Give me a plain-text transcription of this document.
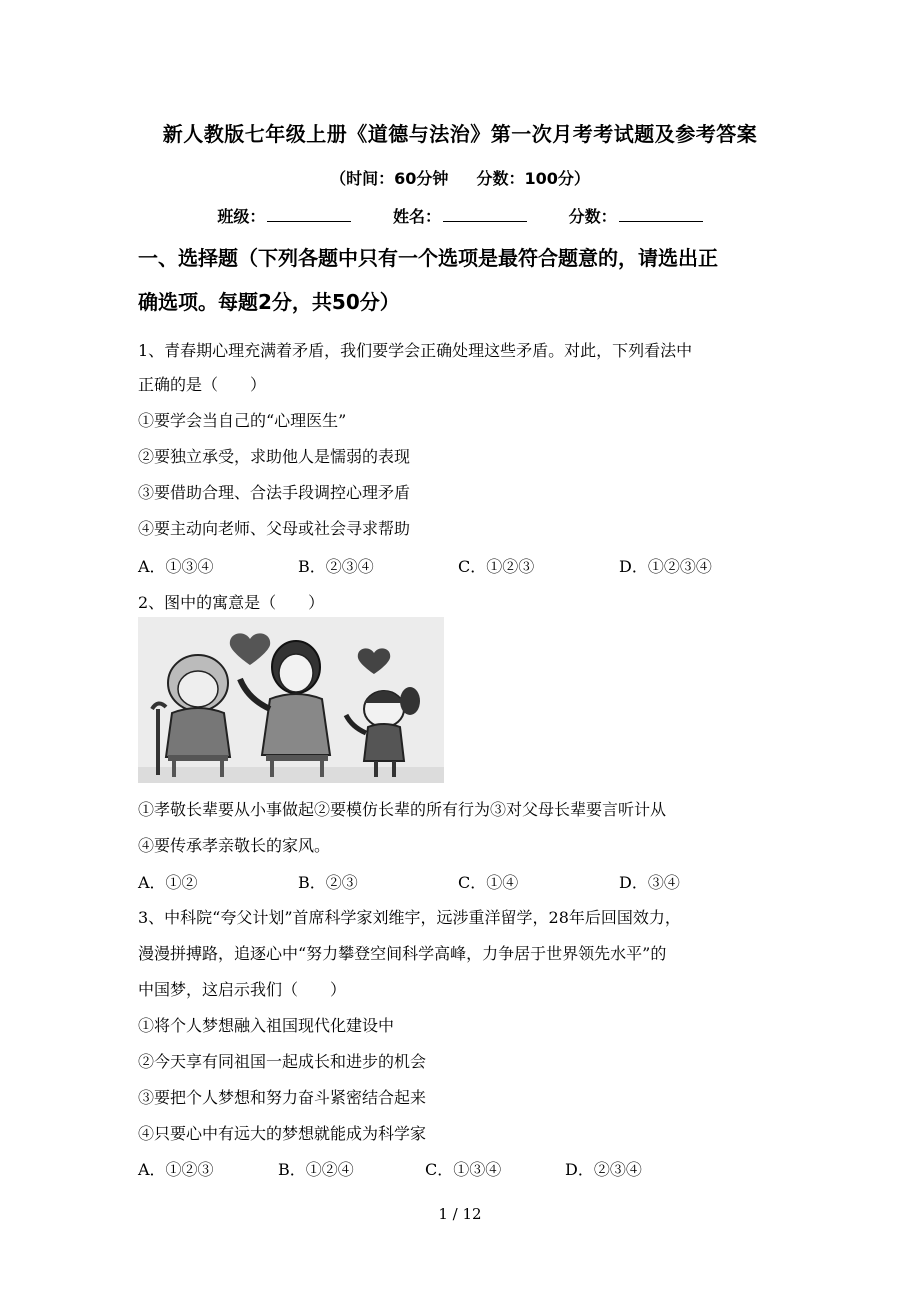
新人教版七年级上册《道德与法治》第一次月考考试题及参考答案
（时间：60分钟 分数：100分）
班级：	姓名：	分数：
一、选择题（下列各题中只有一个选项是最符合题意的，请选出正
确选项。每题2分，共50分）
1、青春期心理充满着矛盾，我们要学会正确处理这些矛盾。对此，下列看法中
正确的是（　　）
①要学会当自己的“心理医生”
②要独立承受，求助他人是懦弱的表现
③要借助合理、合法手段调控心理矛盾
④要主动向老师、父母或社会寻求帮助
A．①③④	B．②③④	C．①②③	D．①②③④
2、图中的寓意是（　　）
①孝敬长辈要从小事做起②要模仿长辈的所有行为③对父母长辈要言听计从
④要传承孝亲敬长的家风。
A．①②	B．②③	C．①④	D．③④
3、中科院“夸父计划”首席科学家刘维宇，远涉重洋留学，28年后回国效力，
漫漫拼搏路，追逐心中“努力攀登空间科学高峰，力争居于世界领先水平”的
中国梦，这启示我们（　　）
①将个人梦想融入祖国现代化建设中
②今天享有同祖国一起成长和进步的机会
③要把个人梦想和努力奋斗紧密结合起来
④只要心中有远大的梦想就能成为科学家
A．①②③	B．①②④	C．①③④	D．②③④
1 / 12
